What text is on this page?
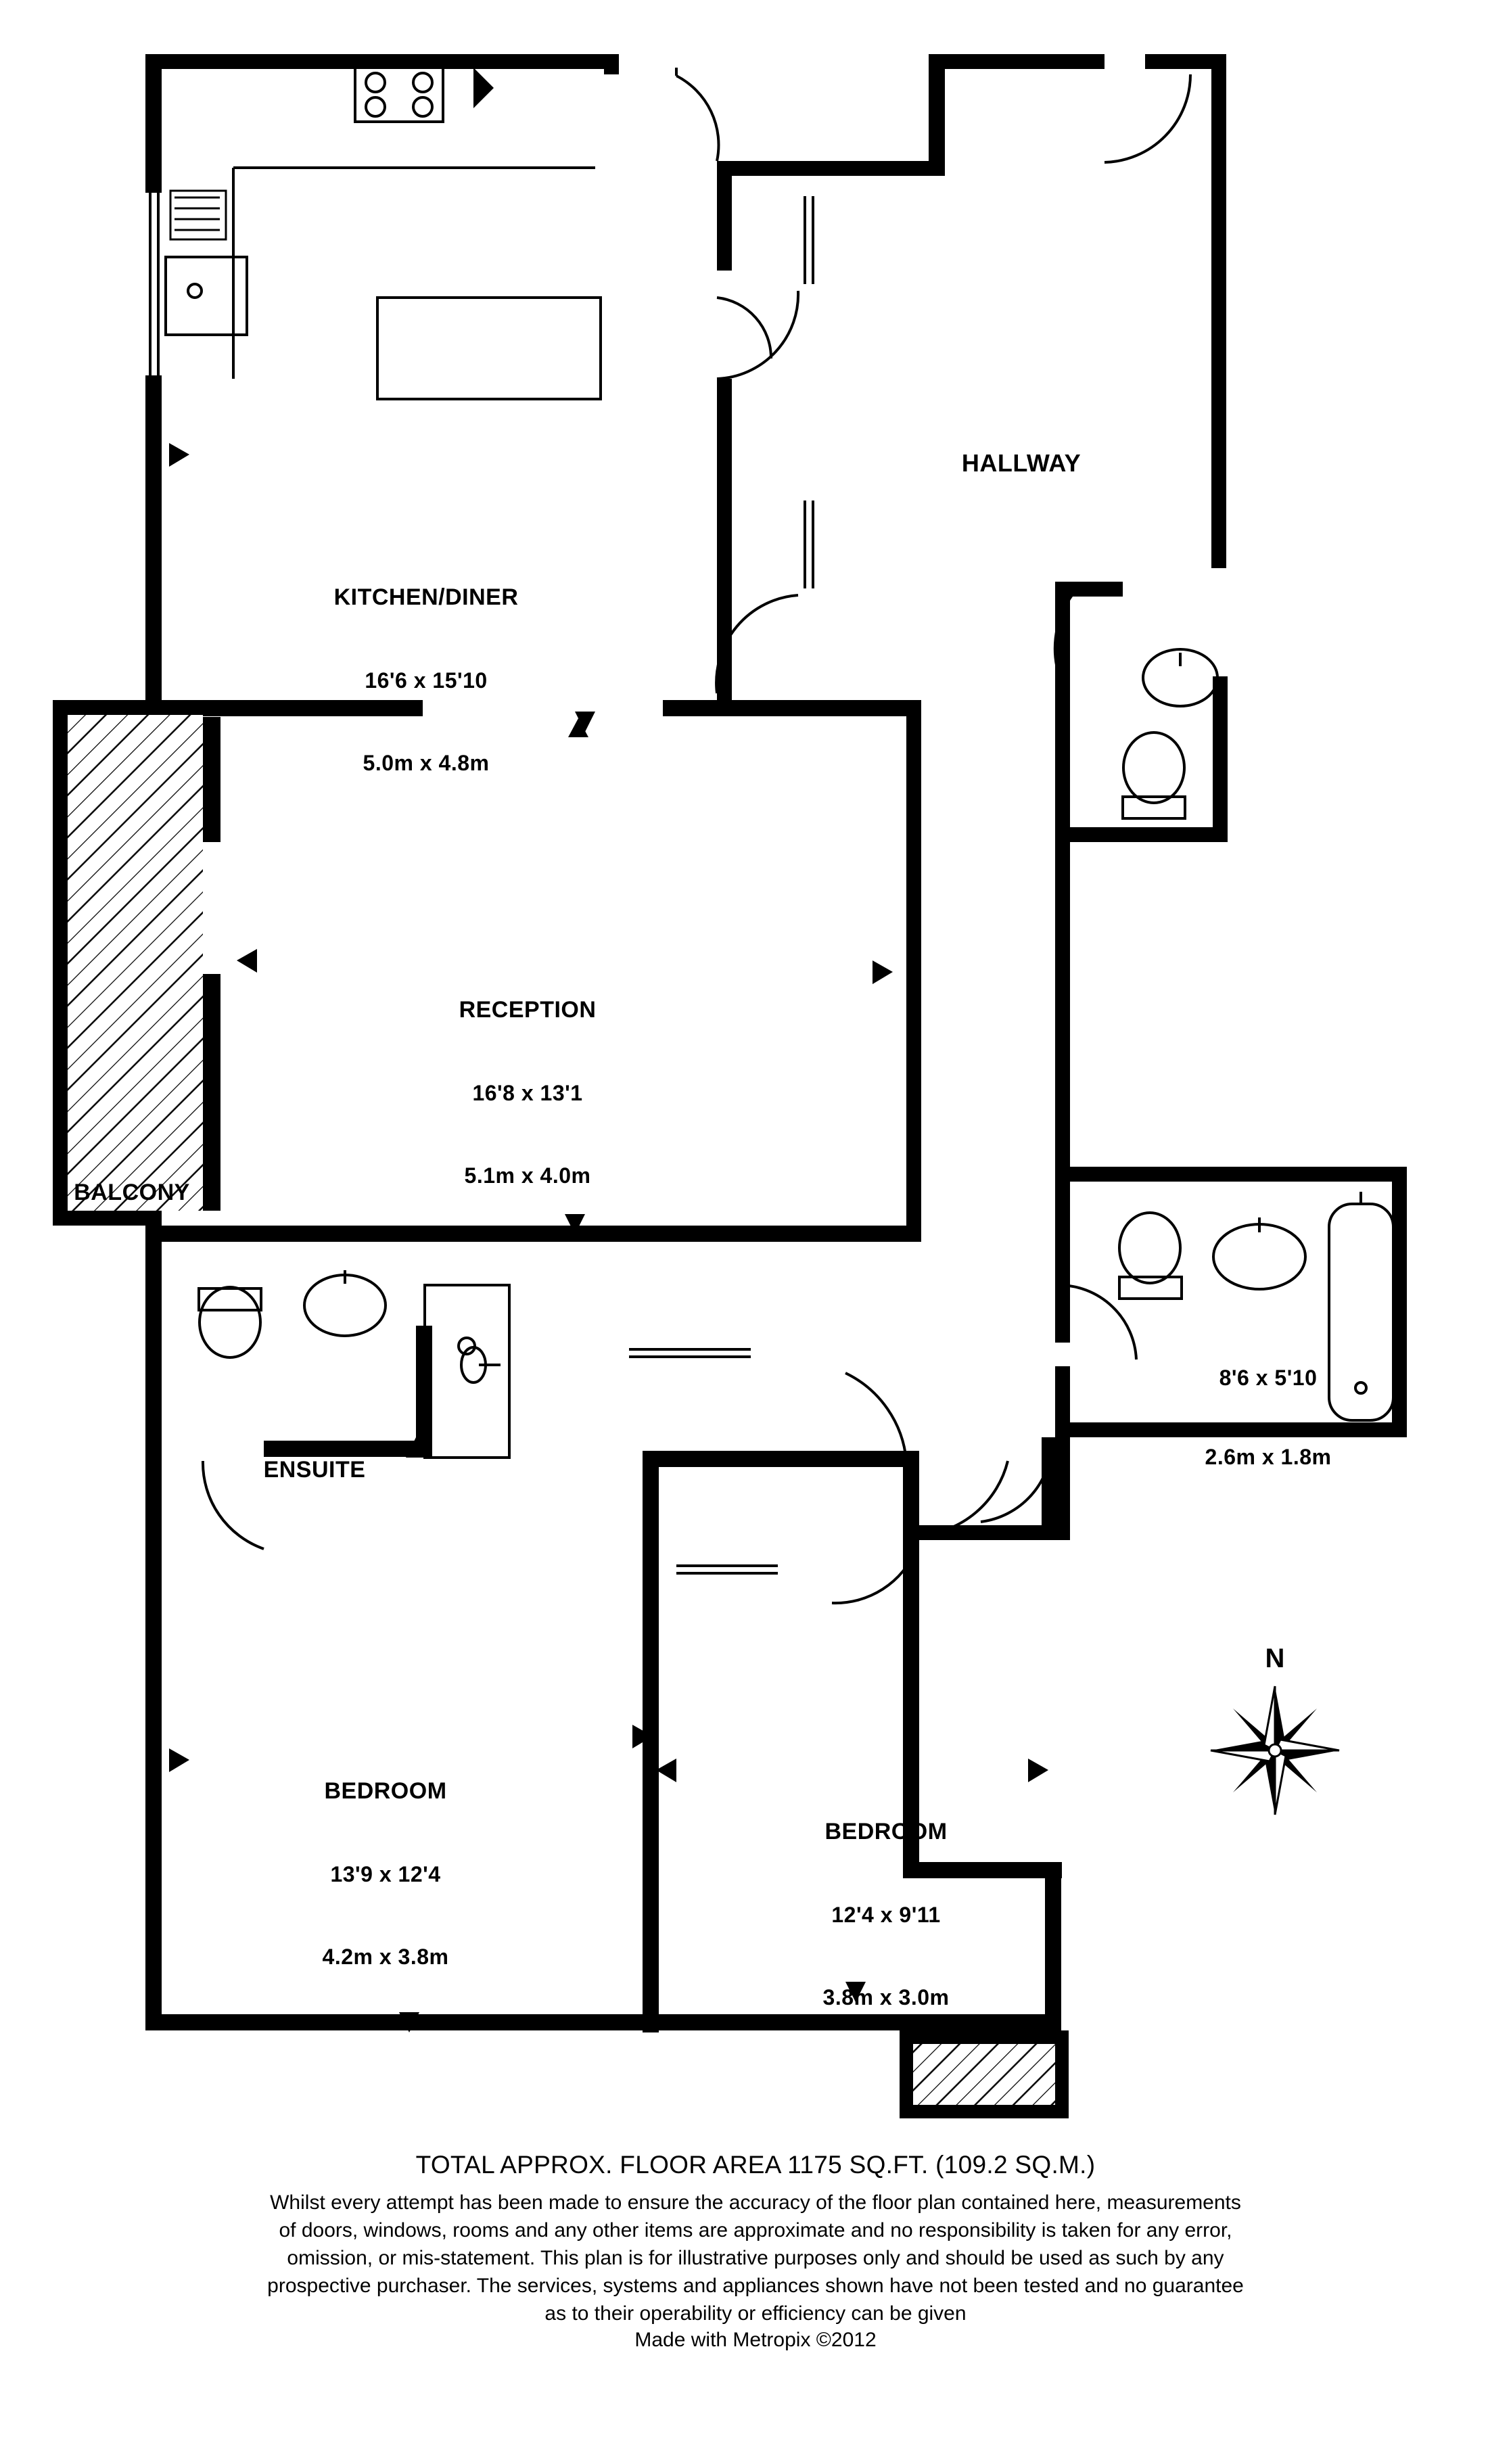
KITCHEN/DINER

16'6 x 15'10

5.0m x 4.8m

HALLWAY

RECEPTION

16'8 x 13'1

5.1m x 4.0m

BALCONY

ENSUITE

8'6 x 5'10

2.6m x 1.8m

BEDROOM

13'9 x 12'4

4.2m x 3.8m

BEDROOM

12'4 x 9'11

3.8m x 3.0m

N
TOTAL APPROX. FLOOR AREA 1175 SQ.FT. (109.2 SQ.M.)
Whilst every attempt has been made to ensure the accuracy of the floor plan contained here, measurements
of doors, windows, rooms and any other items are approximate and no responsibility is taken for any error,
omission, or mis-statement. This plan is for illustrative purposes only and should be used as such by any
prospective purchaser. The services, systems and appliances shown have not been tested and no guarantee
as to their operability or efficiency can be given
Made with Metropix ©2012
